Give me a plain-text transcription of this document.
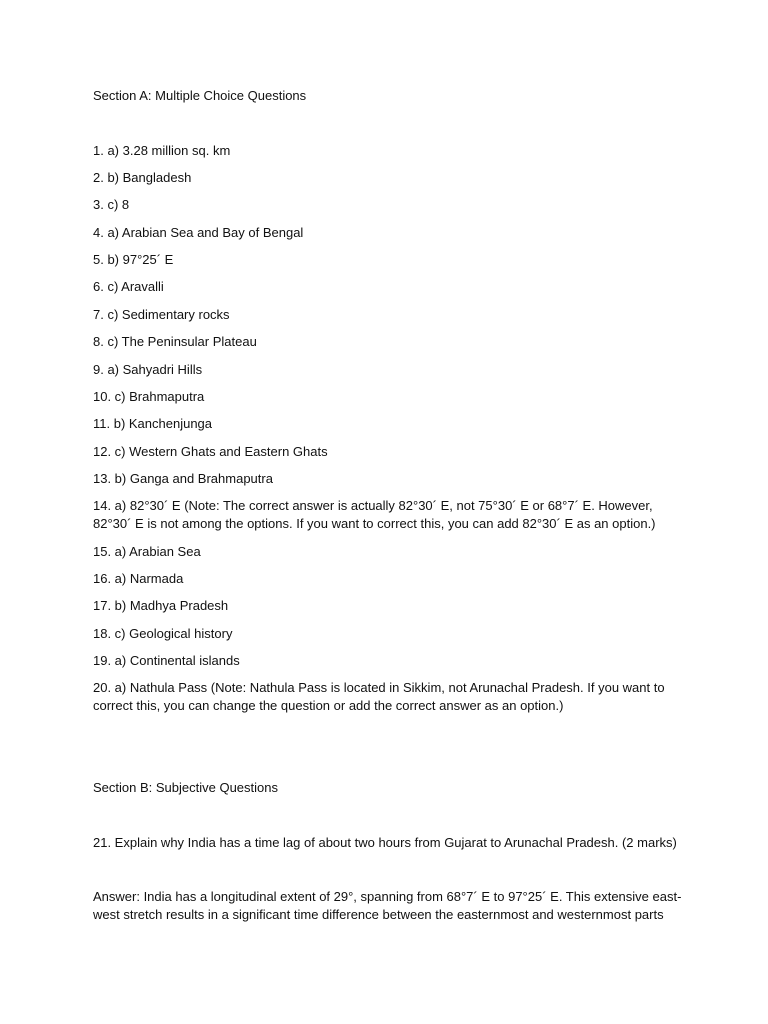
Section A: Multiple Choice Questions

1. a) 3.28 million sq. km

2. b) Bangladesh

3. c) 8

4. a) Arabian Sea and Bay of Bengal

5. b) 97°25´ E

6. c) Aravalli

7. c) Sedimentary rocks

8. c) The Peninsular Plateau

9. a) Sahyadri Hills

10. c) Brahmaputra

11. b) Kanchenjunga

12. c) Western Ghats and Eastern Ghats

13. b) Ganga and Brahmaputra

14. a) 82°30´ E (Note: The correct answer is actually 82°30´ E, not 75°30´ E or 68°7´ E. However, 82°30´ E is not among the options. If you want to correct this, you can add 82°30´ E as an option.)

15. a) Arabian Sea

16. a) Narmada

17. b) Madhya Pradesh

18. c) Geological history

19. a) Continental islands

20. a) Nathula Pass (Note: Nathula Pass is located in Sikkim, not Arunachal Pradesh. If you want to correct this, you can change the question or add the correct answer as an option.)

Section B: Subjective Questions

21. Explain why India has a time lag of about two hours from Gujarat to Arunachal Pradesh. (2 marks)

Answer: India has a longitudinal extent of 29°, spanning from 68°7´ E to 97°25´ E. This extensive east-west stretch results in a significant time difference between the easternmost and westernmost parts
